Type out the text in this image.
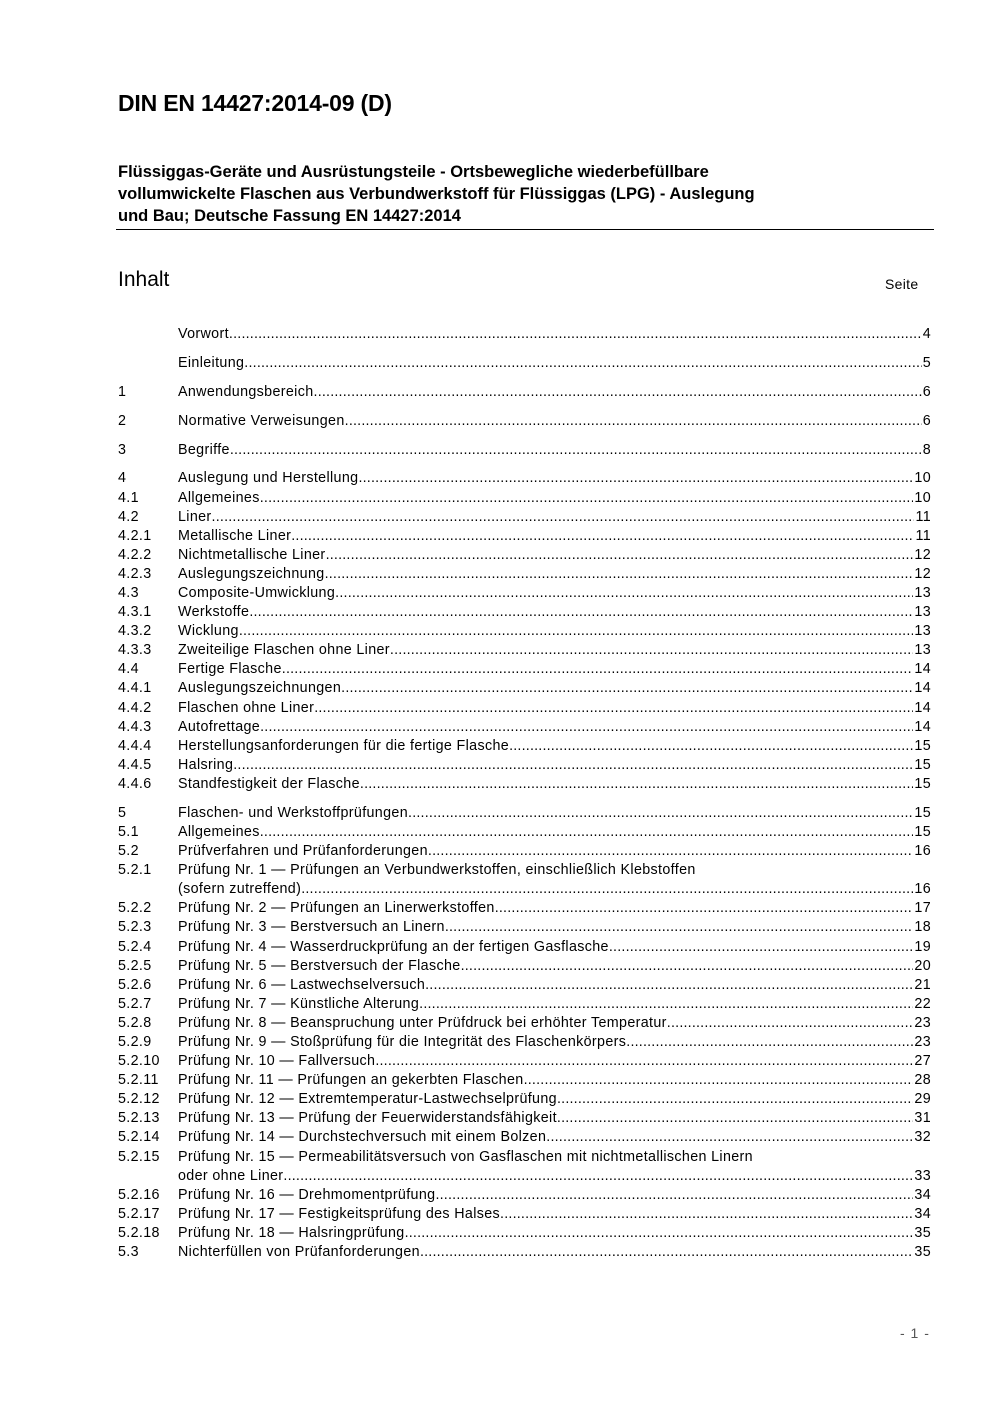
DIN EN 14427:2014-09 (D)
Flüssiggas-Geräte und Ausrüstungsteile - Ortsbewegliche wiederbefüllbare
vollumwickelte Flaschen aus Verbundwerkstoff für Flüssiggas (LPG) - Auslegung
und Bau; Deutsche Fassung EN 14427:2014
Inhalt	Seite
Vorwort .....	4
Einleitung .....	5
1	Anwendungsbereich .....	6
2	Normative Verweisungen .....	6
3	Begriffe .....	8
4	Auslegung und Herstellung .....	10
4.1	Allgemeines .....	10
4.2	Liner .....	11
4.2.1	Metallische Liner .....	11
4.2.2	Nichtmetallische Liner .....	12
4.2.3	Auslegungszeichnung .....	12
4.3	Composite-Umwicklung .....	13
4.3.1	Werkstoffe .....	13
4.3.2	Wicklung .....	13
4.3.3	Zweiteilige Flaschen ohne Liner .....	13
4.4	Fertige Flasche .....	14
4.4.1	Auslegungszeichnungen .....	14
4.4.2	Flaschen ohne Liner .....	14
4.4.3	Autofrettage .....	14
4.4.4	Herstellungsanforderungen für die fertige Flasche .....	15
4.4.5	Halsring .....	15
4.4.6	Standfestigkeit der Flasche .....	15
5	Flaschen- und Werkstoffprüfungen .....	15
5.1	Allgemeines .....	15
5.2	Prüfverfahren und Prüfanforderungen .....	16
5.2.1	Prüfung Nr. 1 — Prüfungen an Verbundwerkstoffen, einschließlich Klebstoffen
(sofern zutreffend) .....	16
5.2.2	Prüfung Nr. 2 — Prüfungen an Linerwerkstoffen .....	17
5.2.3	Prüfung Nr. 3 — Berstversuch an Linern .....	18
5.2.4	Prüfung Nr. 4 — Wasserdruckprüfung an der fertigen Gasflasche .....	19
5.2.5	Prüfung Nr. 5 — Berstversuch der Flasche .....	20
5.2.6	Prüfung Nr. 6 — Lastwechselversuch .....	21
5.2.7	Prüfung Nr. 7 — Künstliche Alterung .....	22
5.2.8	Prüfung Nr. 8 — Beanspruchung unter Prüfdruck bei erhöhter Temperatur .....	23
5.2.9	Prüfung Nr. 9 — Stoßprüfung für die Integrität des Flaschenkörpers .....	23
5.2.10	Prüfung Nr. 10 — Fallversuch .....	27
5.2.11	Prüfung Nr. 11 — Prüfungen an gekerbten Flaschen .....	28
5.2.12	Prüfung Nr. 12 — Extremtemperatur-Lastwechselprüfung .....	29
5.2.13	Prüfung Nr. 13 — Prüfung der Feuerwiderstandsfähigkeit .....	31
5.2.14	Prüfung Nr. 14 — Durchstechversuch mit einem Bolzen .....	32
5.2.15	Prüfung Nr. 15 — Permeabilitätsversuch von Gasflaschen mit nichtmetallischen Linern
oder ohne Liner .....	33
5.2.16	Prüfung Nr. 16 — Drehmomentprüfung .....	34
5.2.17	Prüfung Nr. 17 — Festigkeitsprüfung des Halses .....	34
5.2.18	Prüfung Nr. 18 — Halsringprüfung .....	35
5.3	Nichterfüllen von Prüfanforderungen .....	35
- 1 -
